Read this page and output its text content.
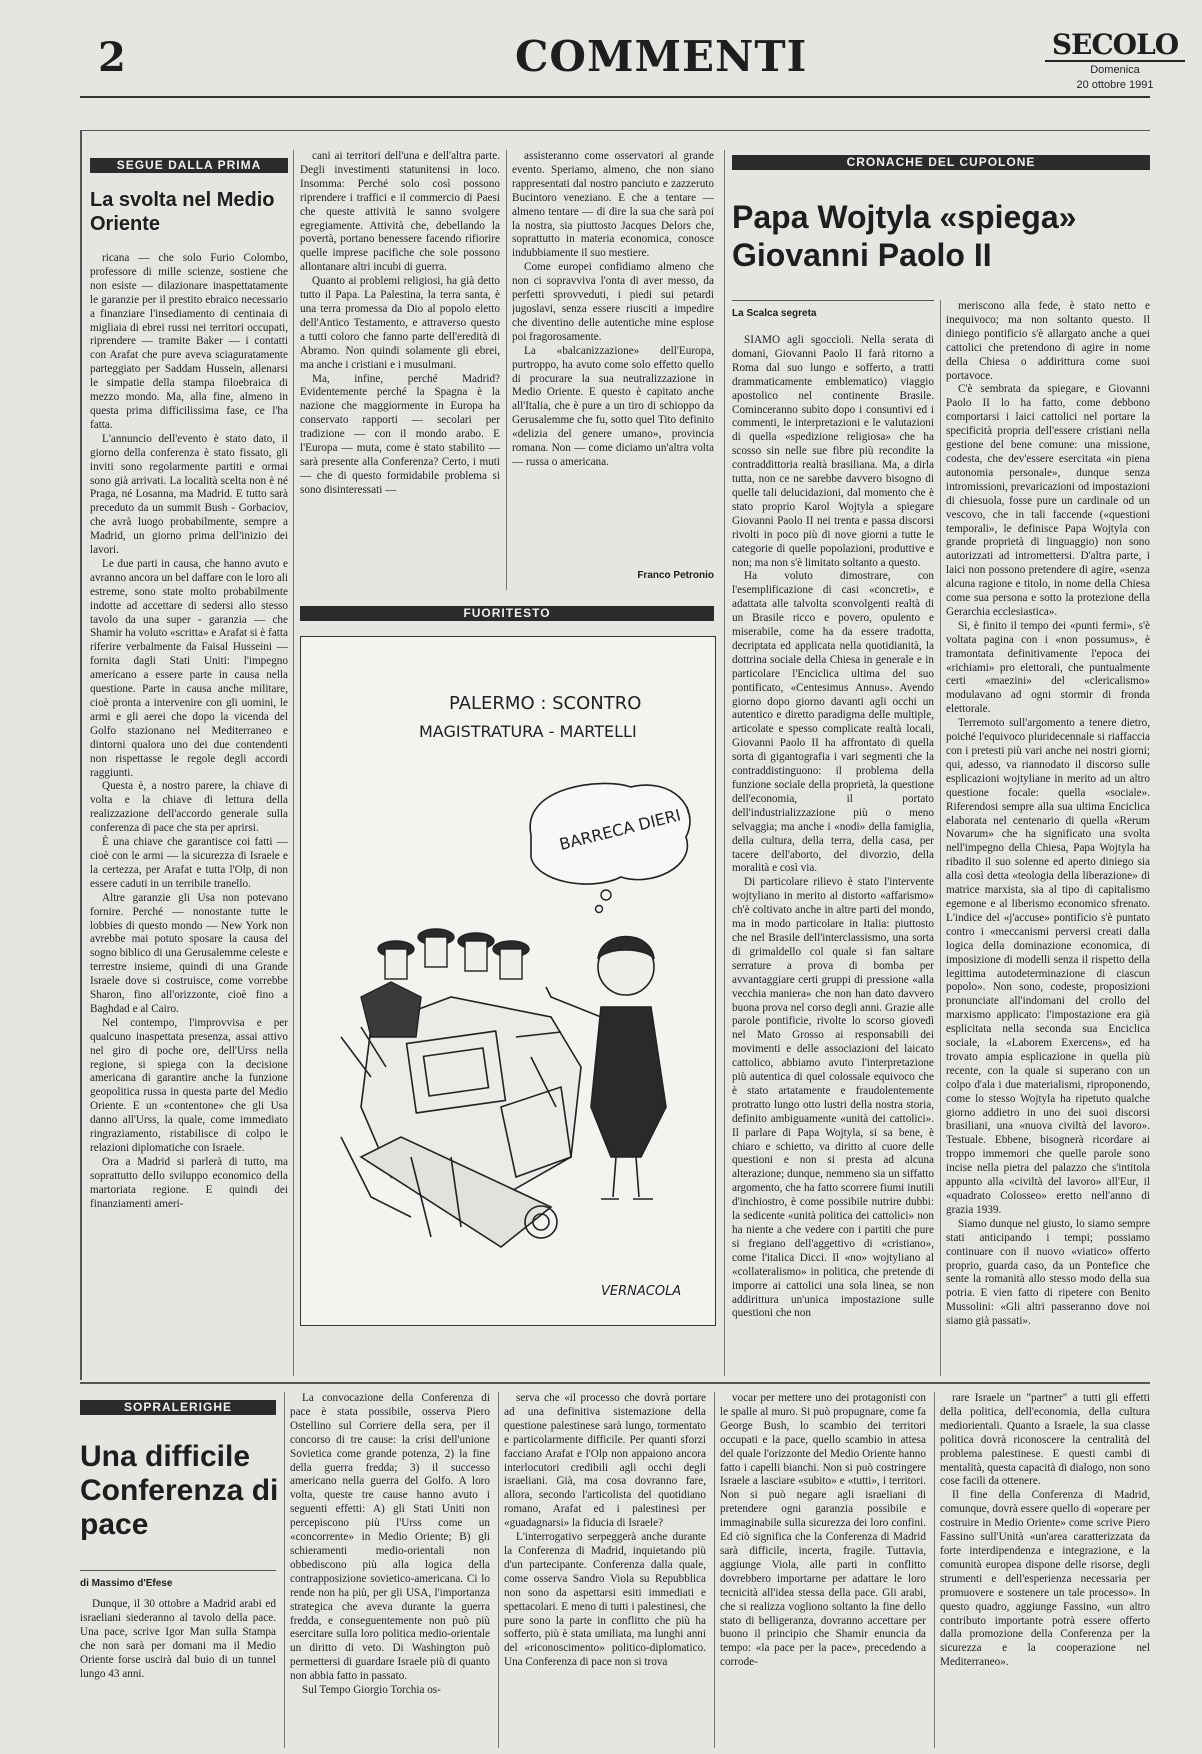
2	COMMENTI	SECOLO
Domenica
20 ottobre 1991
SEGUE DALLA PRIMA
La svolta nel Medio Oriente

ricana — che solo Furio Colombo, professore di mille scienze, sostiene che non esiste — dilazionare inaspettatamente le garanzie per il prestito ebraico necessario a finanziare l'insediamento di centinaia di migliaia di ebrei russi nei territori occupati, riprendere — tramite Baker — i contatti con Arafat che pure aveva sciaguratamente parteggiato per Saddam Hussein, allenarsi le simpatie della stampa filoebraica di mezzo mondo. Ma, alla fine, almeno in questa prima difficilissima fase, ce l'ha fatta.

L'annuncio dell'evento è stato dato, il giorno della conferenza è stato fissato, gli inviti sono regolarmente partiti e ormai sono già arrivati. La località scelta non è né Praga, né Losanna, ma Madrid. E tutto sarà preceduto da un summit Bush - Gorbaciov, che avrà luogo probabilmente, sempre a Madrid, un giorno prima dell'inizio dei lavori.

Le due parti in causa, che hanno avuto e avranno ancora un bel daffare con le loro ali estreme, sono state molto probabilmente indotte ad accettare di sedersi allo stesso tavolo da una super - garanzia — che Shamir ha voluto «scritta» e Arafat si è fatta riferire verbalmente da Faisal Husseini — fornita dagli Stati Uniti: l'impegno americano a essere parte in causa nella questione. Parte in causa anche militare, cioè pronta a intervenire con gli uomini, le armi e gli aerei che dopo la vicenda del Golfo stazionano nel Mediterraneo e dintorni qualora uno dei due contendenti non rispettasse le regole degli accordi raggiunti.

Questa è, a nostro parere, la chiave di volta e la chiave di lettura della realizzazione dell'accordo generale sulla conferenza di pace che sta per aprirsi.

È una chiave che garantisce coi fatti — cioè con le armi — la sicurezza di Israele e la certezza, per Arafat e tutta l'Olp, di non essere caduti in un terribile tranello.

Altre garanzie gli Usa non potevano fornire. Perché — nonostante tutte le lobbies di questo mondo — New York non avrebbe mai potuto sposare la causa del sogno biblico di una Gerusalemme celeste e terrestre insieme, quindi di una Grande Israele dove si costruisce, come vorrebbe Sharon, fino all'orizzonte, cioè fino a Baghdad e al Cairo.

Nel contempo, l'improvvisa e per qualcuno inaspettata presenza, assai attivo nel giro di poche ore, dell'Urss nella regione, si spiega con la decisione americana di garantire anche la funzione geopolitica russa in questa parte del Medio Oriente. E un «contentone» che gli Usa danno all'Urss, la quale, come immediato ringraziamento, ristabilisce di colpo le relazioni diplomatiche con Israele.

Ora a Madrid si parlerà di tutto, ma soprattutto dello sviluppo economico della martoriata regione. E quindi dei finanziamenti ameri-

cani ai territori dell'una e dell'altra parte. Degli investimenti statunitensi in loco. Insomma: Perché solo così possono riprendere i traffici e il commercio di Paesi che queste attività le sanno svolgere egregiamente. Attività che, debellando la povertà, portano benessere facendo rifiorire quelle imprese pacifiche che sole possono allontanare altri incubi di guerra.

Quanto ai problemi religiosi, ha già detto tutto il Papa. La Palestina, la terra santa, è una terra promessa da Dio al popolo eletto dell'Antico Testamento, e attraverso questo a tutti coloro che fanno parte dell'eredità di Abramo. Non quindi solamente gli ebrei, ma anche i cristiani e i musulmani.

Ma, infine, perché Madrid? Evidentemente perché la Spagna è la nazione che maggiormente in Europa ha conservato rapporti — secolari per tradizione — con il mondo arabo. E l'Europa — muta, come è stato stabilito — sarà presente alla Conferenza? Certo, i muti — che di questo formidabile problema si sono disinteressati —

assisteranno come osservatori al grande evento. Speriamo, almeno, che non siano rappresentati dal nostro panciuto e zazzeruto Bucintoro veneziano. E che a tentare — almeno tentare — di dire la sua che sarà poi la nostra, sia piuttosto Jacques Delors che, soprattutto in materia economica, conosce indubbiamente il suo mestiere.

Come europei confidiamo almeno che non ci sopravviva l'onta di aver messo, da perfetti sprovveduti, i piedi sui petardi jugoslavi, senza essere riusciti a impedire che diventino delle autentiche mine esplose poi fragorosamente.

La «balcanizzazione» dell'Europa, purtroppo, ha avuto come solo effetto quello di procurare la sua neutralizzazione in Medio Oriente. E questo è capitato anche all'Italia, che è pure a un tiro di schioppo da Gerusalemme che fu, sotto quel Tito definito «delizia del genere umano», provincia romana. Non — come diciamo un'altra volta — russa o americana.

Franco Petronio
FUORITESTO
PALERMO : SCONTRO
MAGISTRATURA - MARTELLI
BARRECA DIERI !
VERNACOLA
CRONACHE DEL CUPOLONE
Papa Wojtyla «spiega»
Giovanni Paolo II
La Scalca segreta

SIAMO agli sgoccioli. Nella serata di domani, Giovanni Paolo II farà ritorno a Roma dal suo lungo e sofferto, a tratti drammaticamente emblematico) viaggio apostolico nel continente Brasile. Cominceranno subito dopo i consuntivi ed i commenti, le interpretazioni e le valutazioni di quella «spedizione religiosa» che ha scosso sin nelle sue fibre più recondite la contraddittoria realtà brasiliana. Ma, a dirla tutta, non ce ne sarebbe davvero bisogno di quelle tali delucidazioni, dal momento che è stato proprio Karol Wojtyla a spiegare Giovanni Paolo II nei trenta e passa discorsi rivolti in poco più di nove giorni a tutte le categorie di quelle popolazioni, produttive e non; ma non s'è limitato soltanto a questo.

Ha voluto dimostrare, con l'esemplificazione di casi «concreti», e adattata alle talvolta sconvolgenti realtà di un Brasile ricco e povero, opulento e miserabile, come ha da essere tradotta, decriptata ed applicata nella quotidianità, la dottrina sociale della Chiesa in generale e in particolare l'Enciclica ultima del suo pontificato, «Centesimus Annus». Avendo giorno dopo giorno davanti agli occhi un autentico e diretto paradigma delle multiple, articolate e spesso complicate realtà locali, Giovanni Paolo II ha affrontato di quella sorta di gigantografia i vari segmenti che la contraddistinguono: il problema della funzione sociale della proprietà, la questione dell'economia, il portato dell'industrializzazione più o meno selvaggia; ma anche i «nodi» della famiglia, della cultura, della terra, della casa, per tacere dell'aborto, del divorzio, della moralità e così via.

Di particolare rilievo è stato l'intervente wojtyliano in merito al distorto «affarismo» ch'è coltivato anche in altre parti del mondo, ma in modo particolare in Italia: piuttosto che nel Brasile dell'interclassismo, una sorta di grimaldello col quale si fan saltare serrature a prova di bomba per avvantaggiare certi gruppi di pressione «alla vecchia maniera» che non han dato davvero buona prova nel corso degli anni. Grazie alle parole pontificie, rivolte lo scorso giovedì nel Mato Grosso ai responsabili dei movimenti e delle associazioni del laicato cattolico, abbiamo avuto l'interpretazione più autentica di quel colossale equivoco che è stato artatamente e fraudolentemente protratto lungo otto lustri della nostra storia, definito ambiguamente «unità dei cattolici». Il parlare di Papa Wojtyla, si sa bene, è chiaro e schietto, va diritto al cuore delle questioni e non si presta ad alcuna alterazione; dunque, nemmeno sia un siffatto argomento, che ha fatto scorrere fiumi inutili d'inchiostro, è come possibile nutrire dubbi: la sedicente «unità politica dei cattolici» non ha niente a che vedere con i partiti che pure si fregiano dell'aggettivo di «cristiano», come l'italica Dicci. Il «no» wojtyliano al «collateralismo» in politica, che pretende di imporre ai cattolici una sola linea, se non addirittura un'unica impostazione sulle questioni che non

meriscono alla fede, è stato netto e inequivoco; ma non soltanto questo. Il diniego pontificio s'è allargato anche a quei cattolici che pretendono di agire in nome della Chiesa o addirittura come suoi portavoce.

C'è sembrata da spiegare, e Giovanni Paolo II lo ha fatto, come debbono comportarsi i laici cattolici nel portare la specificità propria dell'essere cristiani nella gestione del bene comune: una missione, codesta, che dev'essere esercitata «in piena autonomia personale», dunque senza intromissioni, prevaricazioni od impostazioni di chiesuola, fosse pure un cardinale od un vescovo, che in tali faccende («questioni temporali», le definisce Papa Wojtyla con grande proprietà di linguaggio) non sono autorizzati ad intromettersi. D'altra parte, i laici non possono pretendere di agire, «senza alcuna ragione e titolo, in nome della Chiesa come sua persona e sotto la protezione della Gerarchia ecclesiastica».

Sì, è finito il tempo dei «punti fermi», s'è voltata pagina con i «non possumus», è tramontata definitivamente l'epoca dei «richiami» pro elettorali, che puntualmente certi «maezini» del «clericalismo» modulavano ad ogni stormir di fronda elettorale.

Terremoto sull'argomento a tenere dietro, poiché l'equivoco pluridecennale si riaffaccia con i pretesti più vari anche nei nostri giorni; qui, adesso, va riannodato il discorso sulle esplicazioni wojtyliane in merito ad un altro questione focale: quella «sociale». Riferendosi sempre alla sua ultima Enciclica elaborata nel centenario di quella «Rerum Novarum» che ha significato una svolta nell'impegno della Chiesa, Papa Wojtyla ha ribadito il suo solenne ed aperto diniego sia alla così detta «teologia della liberazione» di matrice marxista, sia al tipo di capitalismo egemone e al liberismo economico sfrenato. L'indice del «j'accuse» pontificio s'è puntato contro i «meccanismi perversi creati dalla logica della dominazione economica, di imposizione di modelli senza il rispetto della legittima autodeterminazione di ciascun popolo». Non sono, codeste, proposizioni pronunciate all'indomani del crollo del marxismo applicato: l'impostazione era già esplicitata nella seconda sua Enciclica sociale, la «Laborem Exercens», ed ha trovato ampia esplicazione in quella più recente, con la quale si superano con un colpo d'ala i due materialismi, riproponendo, come lo stesso Wojtyla ha ripetuto qualche giorno addietro in uno dei suoi discorsi brasiliani, una «nuova civiltà del lavoro». Testuale. Ebbene, bisognerà ricordare ai troppo immemori che quelle parole sono incise nella pietra del palazzo che s'intitola appunto alla «civiltà del lavoro» all'Eur, il «quadrato Colosseo» eretto nell'anno di grazia 1939.

Siamo dunque nel giusto, lo siamo sempre stati anticipando i tempi; possiamo continuare con il nuovo «viatico» offerto proprio, guarda caso, da un Pontefice che sente la romanità allo stesso modo della sua potria. E vien fatto di ripetere con Benito Mussolini: «Gli altri passeranno dove noi siamo già passati».

SOPRALERIGHE
Una difficile Conferenza di pace
di Massimo d'Efese

Dunque, il 30 ottobre a Madrid arabi ed israeliani siederanno al tavolo della pace. Una pace, scrive Igor Man sulla Stampa che non sarà per domani ma il Medio Oriente forse uscirà dal buio di un tunnel lungo 43 anni.

La convocazione della Conferenza di pace è stata possibile, osserva Piero Ostellino sul Corriere della sera, per il concorso di tre cause: la crisi dell'unione Sovietica come grande potenza, 2) la fine della guerra fredda; 3) il successo americano nella guerra del Golfo. A loro volta, queste tre cause hanno avuto i seguenti effetti: A) gli Stati Uniti non percepiscono più l'Urss come un «concorrente» in Medio Oriente; B) gli schieramenti medio-orientali non obbediscono più alla logica della contrapposizione sovietico-americana. Ci lo rende non ha più, per gli USA, l'importanza strategica che aveva durante la guerra fredda, e conseguentemente non può più esercitare sulla loro politica medio-orientale un diritto di veto. Di Washington può permettersi di guardare Israele più di quanto non abbia fatto in passato.

Sul Tempo Giorgio Torchia os-

serva che «il processo che dovrà portare ad una definitiva sistemazione della questione palestinese sarà lungo, tormentato e particolarmente difficile. Per quanti sforzi facciano Arafat e l'Olp non appaiono ancora interlocutori credibili agli occhi degli israeliani. Già, ma cosa dovranno fare, allora, secondo l'articolista del quotidiano romano, Arafat ed i palestinesi per «guadagnarsi» la fiducia di Israele?

L'interrogativo serpeggerà anche durante la Conferenza di Madrid, inquietando più d'un partecipante. Conferenza dalla quale, come osserva Sandro Viola su Repubblica non sono da aspettarsi esiti immediati e spettacolari. E meno di tutti i palestinesi, che pure sono la parte in conflitto che più ha sofferto, più è stata umiliata, ma lunghi anni del «riconoscimento» politico-diplomatico. Una Conferenza di pace non si trova

vocar per mettere uno dei protagonisti con le spalle al muro. Si può propugnare, come fa George Bush, lo scambio dei territori occupati e la pace, quello scambio in attesa del quale l'orizzonte del Medio Oriente hanno fatto i capelli bianchi. Non si può costringere Israele a lasciare «subito» e «tutti», i territori. Non si può negare agli israeliani di pretendere ogni garanzia possibile e immaginabile sulla sicurezza dei loro confini. Ed ciò significa che la Conferenza di Madrid sarà difficile, incerta, fragile. Tuttavia, aggiunge Viola, alle parti in conflitto dovrebbero importarne per adattare le loro tecnicità all'idea stessa della pace. Gli arabi, che si realizza vogliono soltanto la fine dello stato di belligeranza, dovranno accettare per buono il principio che Shamir enuncia da tempo: «la pace per la pace», precedendo a corrode-

rare Israele un "partner" a tutti gli effetti della politica, dell'economia, della cultura mediorientali. Quanto a Israele, la sua classe politica dovrà riconoscere la centralità del problema palestinese. E questi cambi di mentalità, questa capacità di dialogo, non sono cose facili da ottenere.

Il fine della Conferenza di Madrid, comunque, dovrà essere quello di «operare per costruire in Medio Oriente» come scrive Piero Fassino sull'Unità «un'area caratterizzata da forte interdipendenza e integrazione, e la comunità europea dispone delle risorse, degli strumenti e dell'esperienza necessaria per promuovere e sostenere un tale processo». In questo quadro, aggiunge Fassino, «un altro contributo importante potrà essere offerto dalla promozione della Conferenza per la sicurezza e la cooperazione nel Mediterraneo».
